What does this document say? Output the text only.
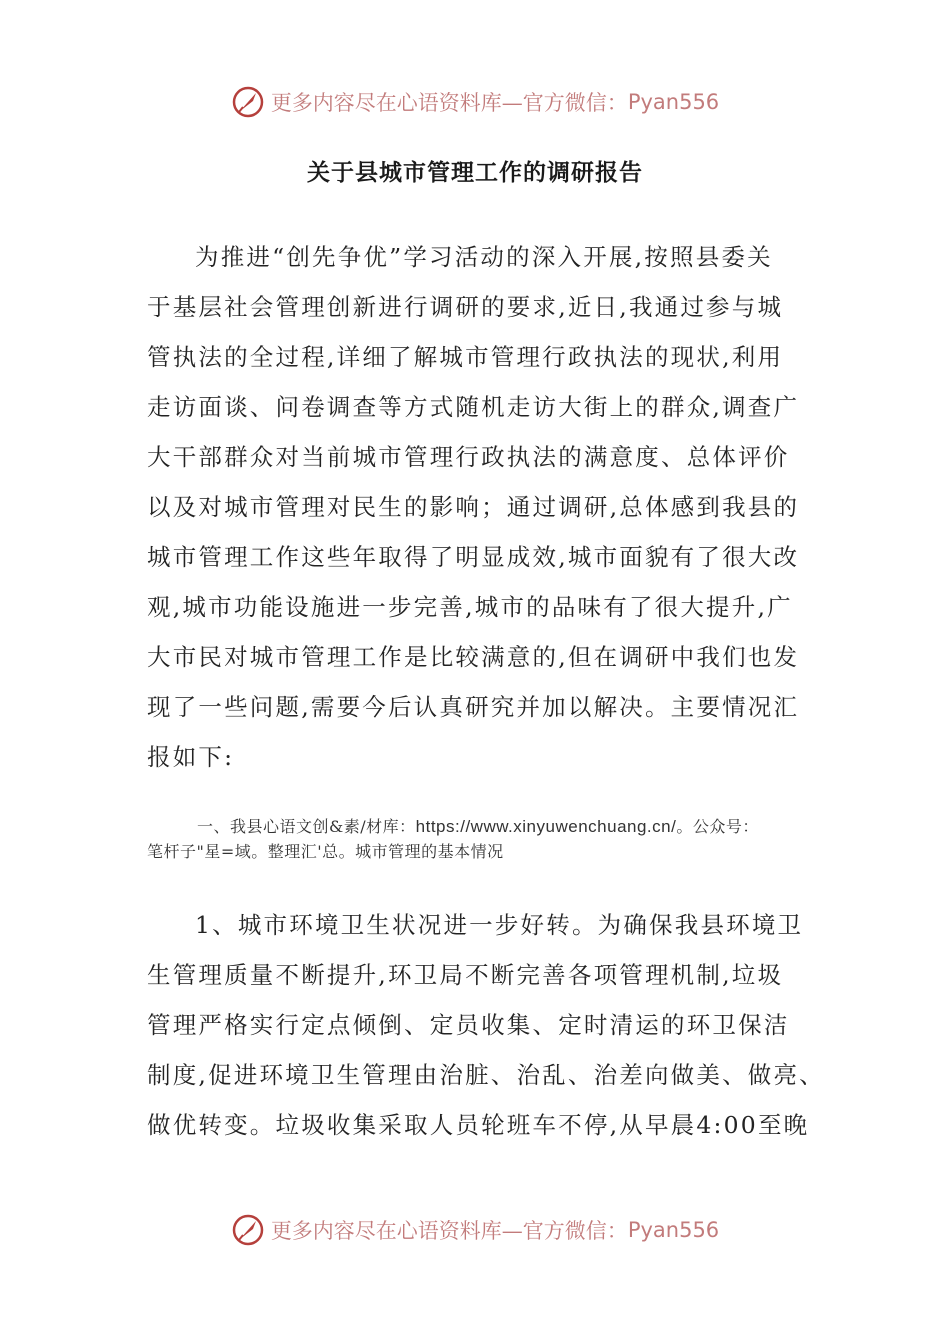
更多内容尽在心语资料库—官方微信： Pyan556
关于县城市管理工作的调研报告
为推进“创先争优”学习活动的深入开展,按照县委关
于基层社会管理创新进行调研的要求,近日,我通过参与城
管执法的全过程,详细了解城市管理行政执法的现状,利用
走访面谈、问卷调查等方式随机走访大街上的群众,调查广
大干部群众对当前城市管理行政执法的满意度、总体评价
以及对城市管理对民生的影响；通过调研,总体感到我县的
城市管理工作这些年取得了明显成效,城市面貌有了很大改
观,城市功能设施进一步完善,城市的品味有了很大提升,广
大市民对城市管理工作是比较满意的,但在调研中我们也发
现了一些问题,需要今后认真研究并加以解决。主要情况汇
报如下:
一、我县心语文创&素/材库：https://www.xinyuwenchuang.cn/。公众号：
笔杆子"星=域。整理汇'总。城市管理的基本情况
1、城市环境卫生状况进一步好转。为确保我县环境卫
生管理质量不断提升,环卫局不断完善各项管理机制,垃圾
管理严格实行定点倾倒、定员收集、定时清运的环卫保洁
制度,促进环境卫生管理由治脏、治乱、治差向做美、做亮、
做优转变。垃圾收集采取人员轮班车不停,从早晨4:00至晚
更多内容尽在心语资料库—官方微信： Pyan556
